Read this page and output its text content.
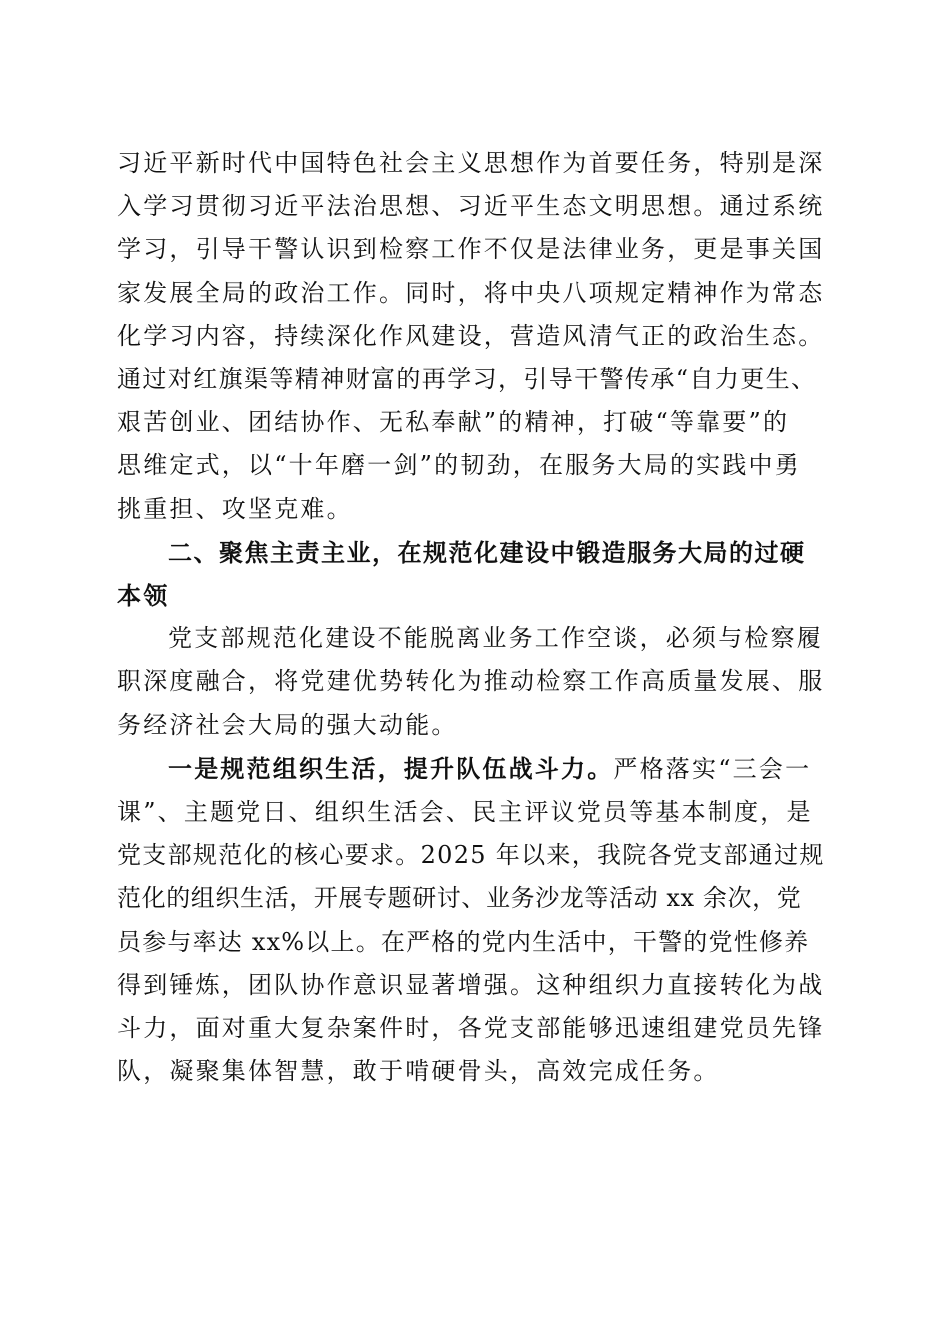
习近平新时代中国特色社会主义思想作为首要任务，特别是深
入学习贯彻习近平法治思想、习近平生态文明思想。通过系统
学习，引导干警认识到检察工作不仅是法律业务，更是事关国
家发展全局的政治工作。同时，将中央八项规定精神作为常态
化学习内容，持续深化作风建设，营造风清气正的政治生态。
通过对红旗渠等精神财富的再学习，引导干警传承“自力更生、
艰苦创业、团结协作、无私奉献”的精神，打破“等靠要”的
思维定式，以“十年磨一剑”的韧劲，在服务大局的实践中勇
挑重担、攻坚克难。
二、聚焦主责主业，在规范化建设中锻造服务大局的过硬
本领
党支部规范化建设不能脱离业务工作空谈，必须与检察履
职深度融合，将党建优势转化为推动检察工作高质量发展、服
务经济社会大局的强大动能。
一是规范组织生活，提升队伍战斗力。严格落实“三会一
课”、主题党日、组织生活会、民主评议党员等基本制度，是
党支部规范化的核心要求。2025 年以来，我院各党支部通过规
范化的组织生活，开展专题研讨、业务沙龙等活动 xx 余次，党
员参与率达 xx%以上。在严格的党内生活中，干警的党性修养
得到锤炼，团队协作意识显著增强。这种组织力直接转化为战
斗力，面对重大复杂案件时，各党支部能够迅速组建党员先锋
队，凝聚集体智慧，敢于啃硬骨头，高效完成任务。
